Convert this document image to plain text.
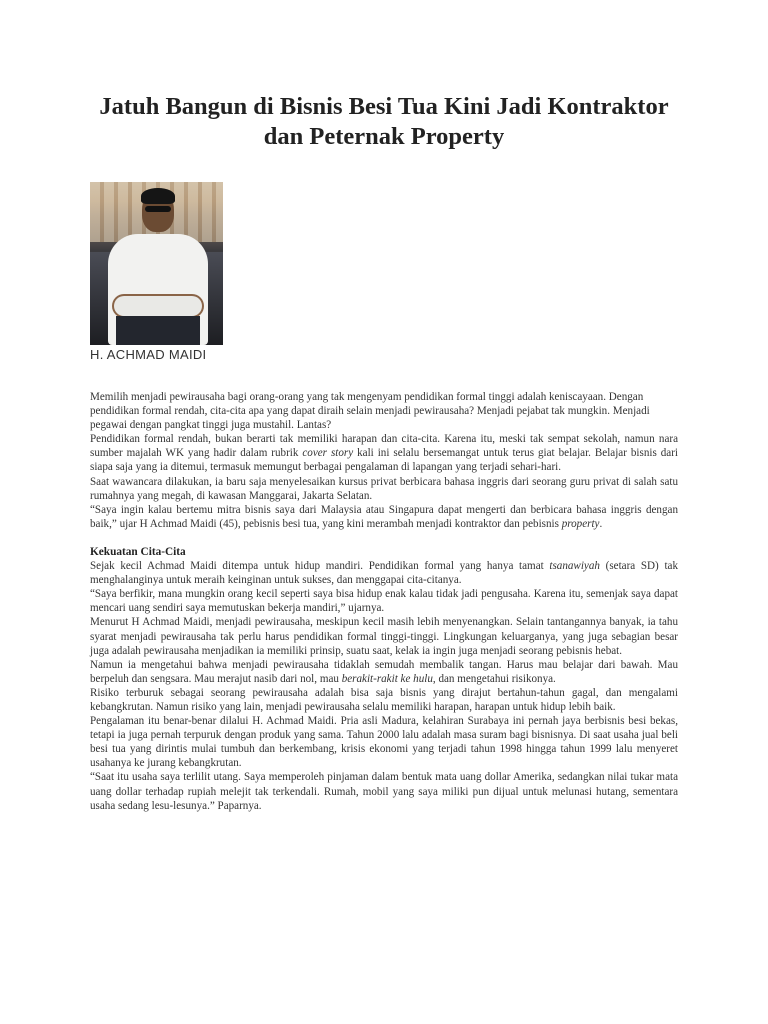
Jatuh Bangun di Bisnis Besi Tua Kini Jadi Kontraktor
dan Peternak Property
H. ACHMAD MAIDI

Memilih menjadi pewirausaha bagi orang-orang yang tak mengenyam pendidikan formal tinggi adalah keniscayaan. Dengan pendidikan formal rendah, cita-cita apa yang dapat diraih selain menjadi pewirausaha? Menjadi pejabat tak mungkin. Menjadi pegawai dengan pangkat tinggi juga mustahil. Lantas?

Pendidikan formal rendah, bukan berarti tak memiliki harapan dan cita-cita. Karena itu, meski tak sempat sekolah, namun nara sumber majalah WK yang hadir dalam rubrik cover story kali ini selalu bersemangat untuk terus giat belajar. Belajar bisnis dari siapa saja yang ia ditemui, termasuk memungut berbagai pengalaman di lapangan yang terjadi sehari-hari.

Saat wawancara dilakukan, ia baru saja menyelesaikan kursus privat berbicara bahasa inggris dari seorang guru privat di salah satu rumahnya yang megah, di kawasan Manggarai, Jakarta Selatan.

“Saya ingin kalau bertemu mitra bisnis saya dari Malaysia atau Singapura dapat mengerti dan berbicara bahasa inggris dengan baik,” ujar H Achmad Maidi (45), pebisnis besi tua, yang kini merambah menjadi kontraktor dan pebisnis property.

Kekuatan Cita-Cita

Sejak kecil Achmad Maidi ditempa untuk hidup mandiri. Pendidikan formal yang hanya tamat tsanawiyah (setara SD) tak menghalanginya untuk meraih keinginan untuk sukses, dan menggapai cita-citanya.

“Saya berfikir, mana mungkin orang kecil seperti saya bisa hidup enak kalau tidak jadi pengusaha. Karena itu, semenjak saya dapat mencari uang sendiri saya memutuskan bekerja mandiri,” ujarnya.

Menurut H Achmad Maidi, menjadi pewirausaha, meskipun kecil masih lebih menyenangkan. Selain tantangannya banyak, ia tahu syarat menjadi pewirausaha tak perlu harus pendidikan formal tinggi-tinggi. Lingkungan keluarganya, yang juga sebagian besar juga adalah pewirausaha menjadikan ia memiliki prinsip, suatu saat, kelak ia ingin juga menjadi seorang pebisnis hebat.

Namun ia mengetahui bahwa menjadi pewirausaha tidaklah semudah membalik tangan. Harus mau belajar dari bawah. Mau berpeluh dan sengsara. Mau merajut nasib dari nol, mau berakit-rakit ke hulu, dan mengetahui risikonya.

Risiko terburuk sebagai seorang pewirausaha adalah bisa saja bisnis yang dirajut bertahun-tahun gagal, dan mengalami kebangkrutan. Namun risiko yang lain, menjadi pewirausaha selalu memiliki harapan, harapan untuk hidup lebih baik.

Pengalaman itu benar-benar dilalui H. Achmad Maidi. Pria asli Madura, kelahiran Surabaya ini pernah jaya berbisnis besi bekas, tetapi ia juga pernah terpuruk dengan produk yang sama. Tahun 2000 lalu adalah masa suram bagi bisnisnya. Di saat usaha jual beli besi tua yang dirintis mulai tumbuh dan berkembang, krisis ekonomi yang terjadi tahun 1998 hingga tahun 1999 lalu menyeret usahanya ke jurang kebangkrutan.

“Saat itu usaha saya terlilit utang. Saya memperoleh pinjaman dalam bentuk mata uang dollar Amerika, sedangkan nilai tukar mata uang dollar terhadap rupiah melejit tak terkendali. Rumah, mobil yang saya miliki pun dijual untuk melunasi hutang, sementara usaha sedang lesu-lesunya.” Paparnya.
